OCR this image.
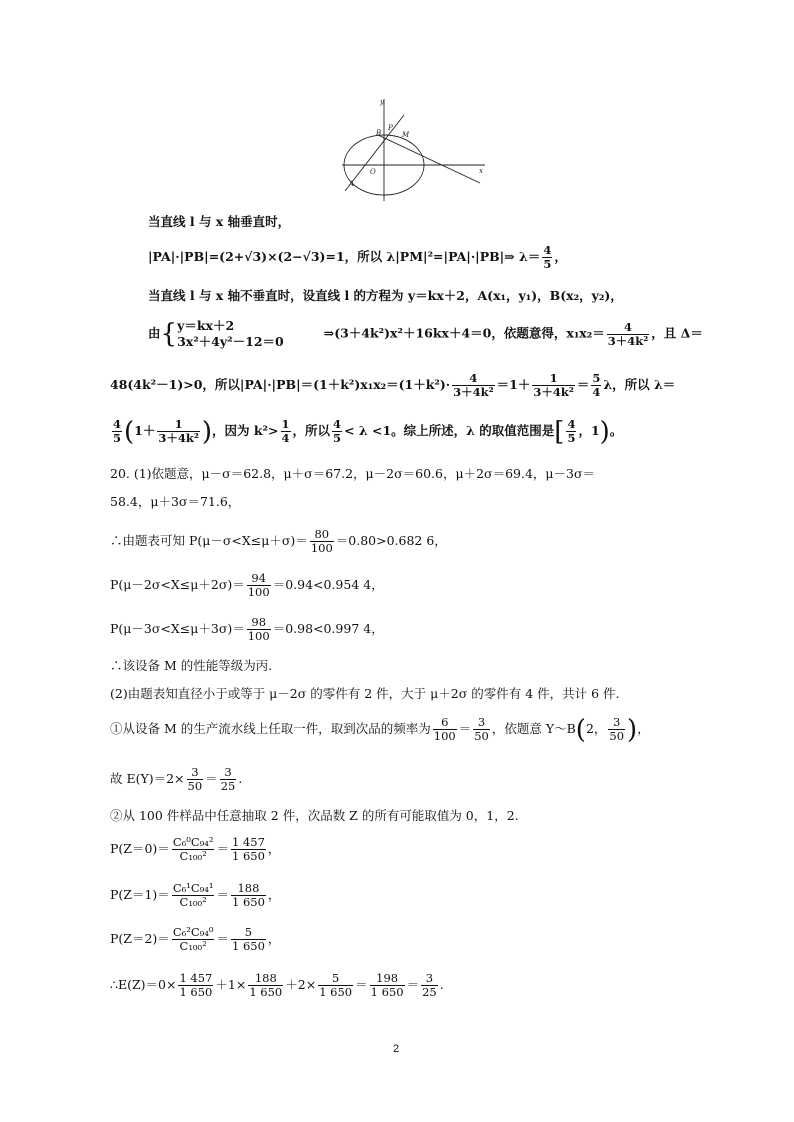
y
x
O
B
P
M
A
当直线 l 与 x 轴垂直时，
|PA|·|PB|=(2+√3)×(2−√3)=1，所以 λ|PM|²=|PA|·|PB|⇒ $\lambda= \frac{4}{5}$ ，
当直线 l 与 x 轴不垂直时，设直线 l 的方程为 y＝kx＋2，A(x₁，y₁)，B(x₂，y₂)，
由{ y＝kx＋2
3x²＋4y²－12＝0
⇒(3＋4k²)x²＋16kx＋4＝0，依题意得，$x_1x_2= \frac{4}{\text{3＋4k²}}$ ，且 Δ＝
48(4k²－1)>0，所以$|PA|\cdot|PB|=(1+k^2)x_1x_2=(1+k^2)\cdot \frac{4}{\text{3＋4k²}} =1+ \frac{1}{\text{3＋4k²}} = \frac{5}{4}$ λ，所以 λ＝
$\frac{4}{5} (1+ \frac{1}{\text{3＋4k²}}$ )，因为 $k^2> \frac{1}{4}$ ，所以 $\frac{4}{5} < \lambda <1$。综上所述，λ 的取值范围是[ $\frac{4}{5}$ ，1)。
20. (1)依题意，μ－σ＝62.8，μ＋σ＝67.2，μ－2σ＝60.6，μ＋2σ＝69.4，μ－3σ＝
58.4，μ＋3σ＝71.6，
∴由题表可知 $P(\mu-\sigma<X\le\mu+\sigma)= \frac{80}{100} =0.80>0.682$ 6，
$P(\mu-2\sigma<X\le\mu+2\sigma)= \frac{94}{100} =0.94<0.954$ 4，
$P(\mu-3\sigma<X\le\mu+3\sigma)= \frac{98}{100} =0.98<0.997$ 4，
∴该设备 M 的性能等级为丙.
(2)由题表知直径小于或等于 μ－2σ 的零件有 2 件，大于 μ＋2σ 的零件有 4 件，共计 6 件.
①从设备 M 的生产流水线上任取一件，取到次品的频率为 $\frac{6}{100} = \frac{3}{50}$ ，依题意 Y～B(2， $\frac{3}{50}$ )，
故 $E(Y)=2\times \frac{3}{50} = \frac{3}{25}$ .
②从 100 件样品中任意抽取 2 件，次品数 Z 的所有可能取值为 0，1，2.
$P(Z=0)= \frac{\text{C₆⁰C₉₄²}}{\text{C₁₀₀²}} = \frac{1 457}{1 650}$ ，
$P(Z=1)= \frac{\text{C₆¹C₉₄¹}}{\text{C₁₀₀²}} = \frac{188}{1 650}$ ，
$P(Z=2)= \frac{\text{C₆²C₉₄⁰}}{\text{C₁₀₀²}} = \frac{5}{1 650}$ ，
∴E(Z)＝0× $\frac{1 457}{1 650} +1\times \frac{188}{1 650} +2\times \frac{5}{1 650} = \frac{198}{1 650} = \frac{3}{25}$ .
2
